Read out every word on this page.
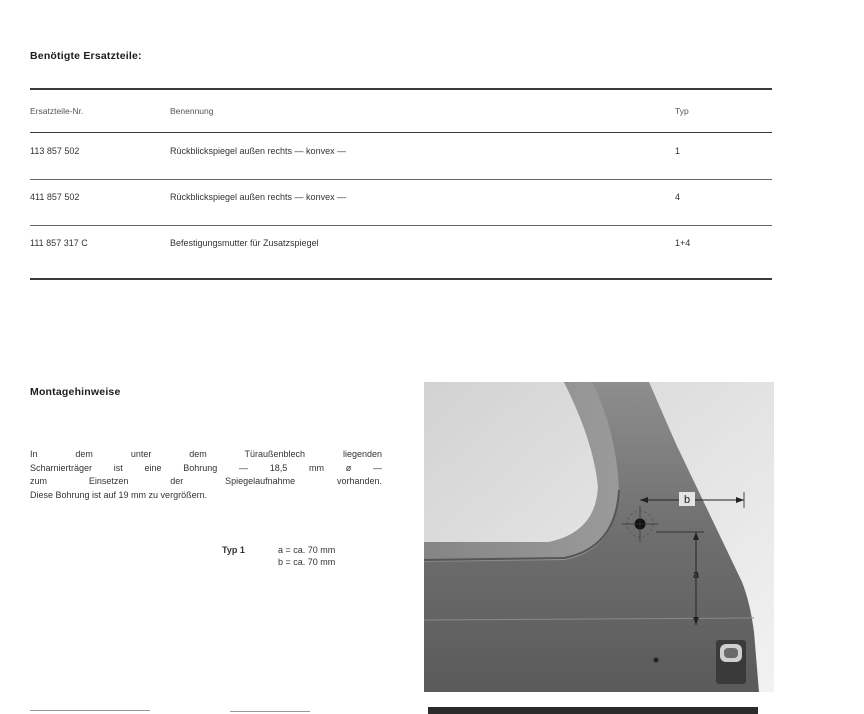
Benötigte Ersatzteile:
Ersatzteile-Nr.	Benennung	Typ
113 857 502	Rückblickspiegel außen rechts — konvex —	1
411 857 502	Rückblickspiegel außen rechts — konvex —	4
111 857 317 C	Befestigungsmutter für Zusatzspiegel	1+4
Montagehinweise
In dem unter dem Türaußenblech liegenden
Scharnierträger ist eine Bohrung — 18,5 mm ø —
zum Einsetzen der Spiegelaufnahme vorhanden.
Diese Bohrung ist auf 19 mm zu vergrößern.
Typ 1	a = ca. 70 mm
b = ca. 70 mm
b
a
